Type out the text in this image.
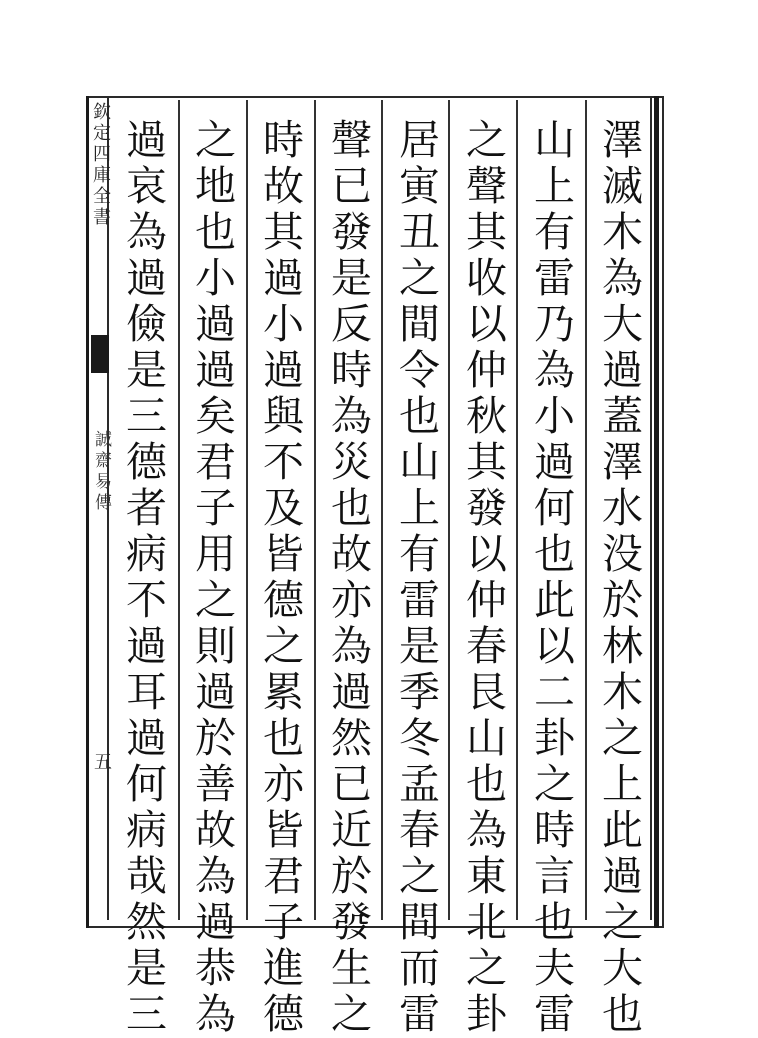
欽定四庫全書
誠齋易傳
五	澤滅木為大過蓋澤水没於林木之上此過之大也
山上有雷乃為小過何也此以二卦之時言也夫雷
之聲其收以仲秋其發以仲春艮山也為東北之卦
居寅丑之間令也山上有雷是季冬孟春之間而雷
聲已發是反時為災也故亦為過然已近於發生之
時故其過小過與不及皆德之累也亦皆君子進德
之地也小過過矣君子用之則過於善故為過恭為
過哀為過儉是三德者病不過耳過何病哉然是三
